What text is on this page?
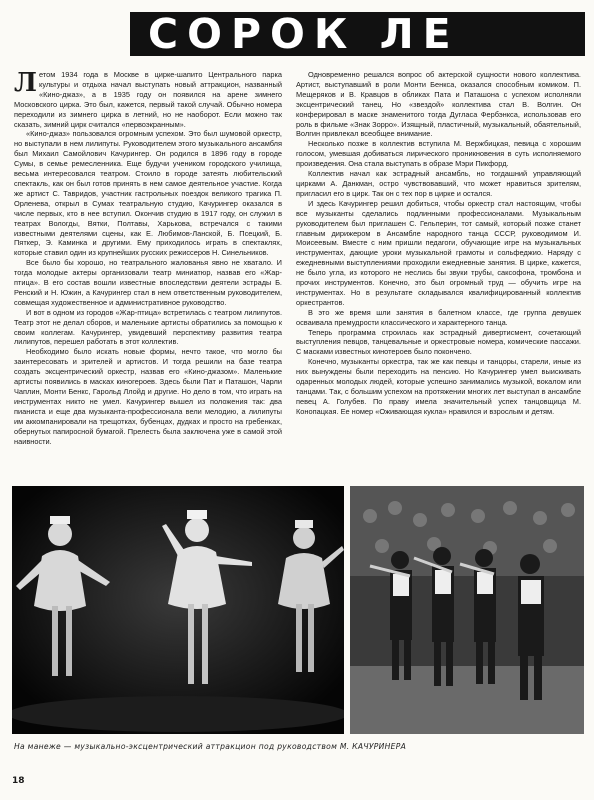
СОРОК ЛЕ

Летом 1934 года в Москве в цирке-шапито Центрального парка культуры и отдыха начал выступать новый аттракцион, названный «Кино-джаз», а в 1935 году он появился на арене зимнего Московского цирка. Это был, кажется, первый такой случай. Обычно номера переходили из зимнего цирка в летний, но не наоборот. Если можно так сказать, зимний цирк считался «первоэкранным».

«Кино-джаз» пользовался огромным успехом. Это был шумовой оркестр, но выступали в нем лилипуты. Руководителем этого музыкального ансамбля был Михаил Самойлович Качурингер. Он родился в 1896 году в городе Сумы, в семье ремесленника. Еще будучи учеником городского училища, весьма интересовался театром. Стоило в городе затеять любительский спектакль, как он был готов принять в нем самое деятельное участие. Когда же артист С. Тавридов, участник гастрольных поездок великого трагика П. Орленева, открыл в Сумах театральную студию, Качурингер оказался в числе первых, кто в нее вступил. Окончив студию в 1917 году, он служил в театрах Вологды, Вятки, Полтавы, Харькова, встречался с такими известными деятелями сцены, как Е. Любимов-Ланской, Б. Псецкий, Б. Пяткер, Э. Каминка и другими. Ему приходилось играть в спектаклях, которые ставил один из крупнейших русских режиссеров Н. Синельников.

Все было бы хорошо, но театрального жалованья явно не хватало. И тогда молодые актеры организовали театр миниатюр, назвав его «Жар-птица». В его состав вошли известные впоследствии деятели эстрады Б. Ренский и Н. Южин, а Качурингер стал в нем ответственным руководителем, совмещая художественное и административное руководство.

И вот в одном из городов «Жар-птица» встретилась с театром лилипутов. Театр этот не делал сборов, и маленькие артисты обратились за помощью к своим коллегам. Качурингер, увидевший перспективу развития театра лилипутов, перешел работать в этот коллектив.

Необходимо было искать новые формы, нечто такое, что могло бы заинтересовать и зрителей и артистов. И тогда решили на базе театра создать эксцентрический оркестр, назвав его «Кино-джазом». Маленькие артисты появились в масках киногероев. Здесь были Пат и Паташон, Чарли Чаплин, Монти Бенкс, Гарольд Ллойд и другие. Но дело в том, что играть на инструментах никто не умел. Качурингер вышел из положения так: два пианиста и еще два музыканта-профессионала вели мелодию, а лилипуты им аккомпанировали на трещотках, бубенцах, дудках и просто на гребенках, обернутых папиросной бумагой. Прелесть была заключена уже в самой этой наивности.

Одновременно решался вопрос об актерской сущности нового коллектива. Артист, выступавший в роли Монти Бенкса, оказался способным комиком. П. Мещеряков и В. Кравцов в обликах Пата и Паташона с успехом исполняли эксцентрический танец. Но «звездой» коллектива стал В. Волгин. Он конферировал в маске знаменитого тогда Дугласа Фербэнкса, использовав его роль в фильме «Знак Зорро». Изящный, пластичный, музыкальный, обаятельный, Волгин привлекал всеобщее внимание.

Несколько позже в коллектив вступила М. Вержбицкая, певица с хорошим голосом, умевшая добиваться лирического проникновения в суть исполняемого произведения. Она стала выступать в образе Мэри Пикфорд.

Коллектив начал как эстрадный ансамбль, но тогдашний управляющий цирками А. Данкман, остро чувствовавший, что может нравиться зрителям, пригласил его в цирк. Так он с тех пор в цирке и остался.

И здесь Качурингер решил добиться, чтобы оркестр стал настоящим, чтобы все музыканты сделались подлинными профессионалами. Музыкальным руководителем был приглашен С. Гельперин, тот самый, который позже станет главным дирижером в Ансамбле народного танца СССР, руководимом И. Моисеевым. Вместе с ним пришли педагоги, обучающие игре на музыкальных инструментах, дающие уроки музыкальной грамоты и сольфеджио. Наряду с ежедневными выступлениями проходили ежедневные занятия. В цирке, кажется, не было угла, из которого не неслись бы звуки трубы, саксофона, тромбона и прочих инструментов. Конечно, это был огромный труд — обучить игре на инструментах. Но в результате складывался квалифицированный коллектив оркестрантов.

В это же время шли занятия в балетном классе, где группа девушек осваивала премудрости классического и характерного танца.

Теперь программа строилась как эстрадный дивертисмент, сочетающий выступления певцов, танцевальные и оркестровые номера, комические пассажи. С масками известных кинотероев было покончено.

Конечно, музыканты оркестра, так же как певцы и танцоры, старели, иные из них вынуждены были переходить на пенсию. Но Качурингер умел выискивать одаренных молодых людей, которые успешно занимались музыкой, вокалом или танцами. Так, с большим успехом на протяжении многих лет выступал в ансамбле певец А. Голубев. По праву имела значительный успех танцовщица М. Конопацкая. Ее номер «Оживающая кукла» нравился и взрослым и детям.

На манеже — музыкально-эксцентрический аттракцион под руководством М. КАЧУРИНЕРА
18
